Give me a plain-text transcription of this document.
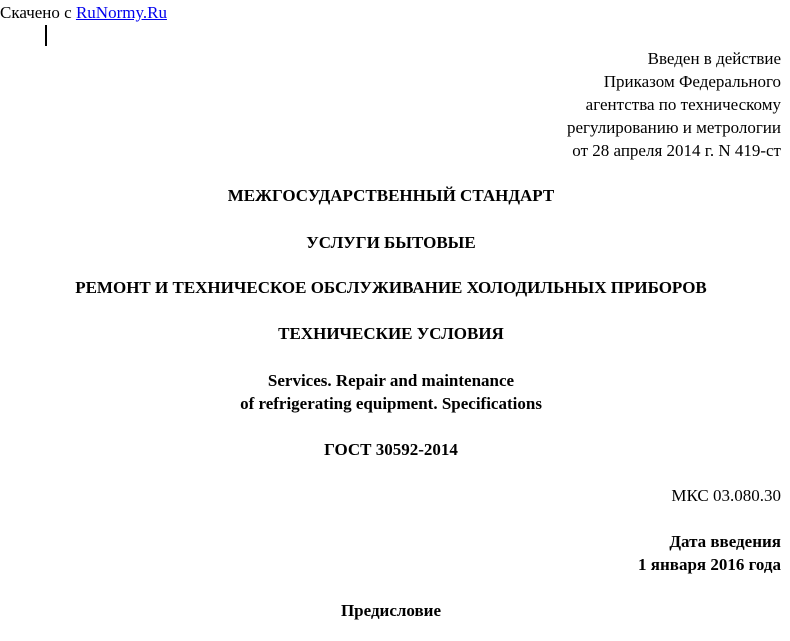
Скачено с RuNormy.Ru
Введен в действие
Приказом Федерального
агентства по техническому
регулированию и метрологии
от 28 апреля 2014 г. N 419-ст
МЕЖГОСУДАРСТВЕННЫЙ СТАНДАРТ
УСЛУГИ БЫТОВЫЕ
РЕМОНТ И ТЕХНИЧЕСКОЕ ОБСЛУЖИВАНИЕ ХОЛОДИЛЬНЫХ ПРИБОРОВ
ТЕХНИЧЕСКИЕ УСЛОВИЯ
Services. Repair and maintenance
of refrigerating equipment. Specifications
ГОСТ 30592-2014
МКС 03.080.30
Дата введения
1 января 2016 года
Предисловие
